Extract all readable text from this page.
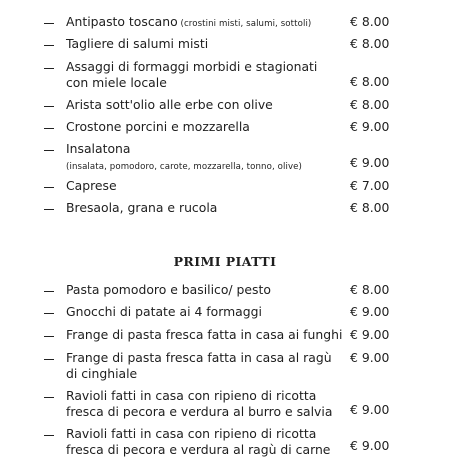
Antipasto toscano (crostini misti, salumi, sottoli)	€ 8.00
Tagliere di salumi misti	€ 8.00
Assaggi di formaggi morbidi e stagionati
con miele locale	€ 8.00
Arista sott'olio alle erbe con olive	€ 8.00
Crostone porcini e mozzarella	€ 9.00
Insalatona
(insalata, pomodoro, carote, mozzarella, tonno, olive)	€ 9.00
Caprese	€ 7.00
Bresaola, grana e rucola	€ 8.00
PRIMI PIATTI
Pasta pomodoro e basilico/ pesto	€ 8.00
Gnocchi di patate ai 4 formaggi	€ 9.00
Frange di pasta fresca fatta in casa ai funghi € 9.00
Frange di pasta fresca fatta in casa al ragù
di cinghiale
€ 9.00
Ravioli fatti in casa con ripieno di ricotta
fresca di pecora e verdura al burro e salvia € 9.00
Ravioli fatti in casa con ripieno di ricotta
fresca di pecora e verdura al ragù di carne € 9.00
